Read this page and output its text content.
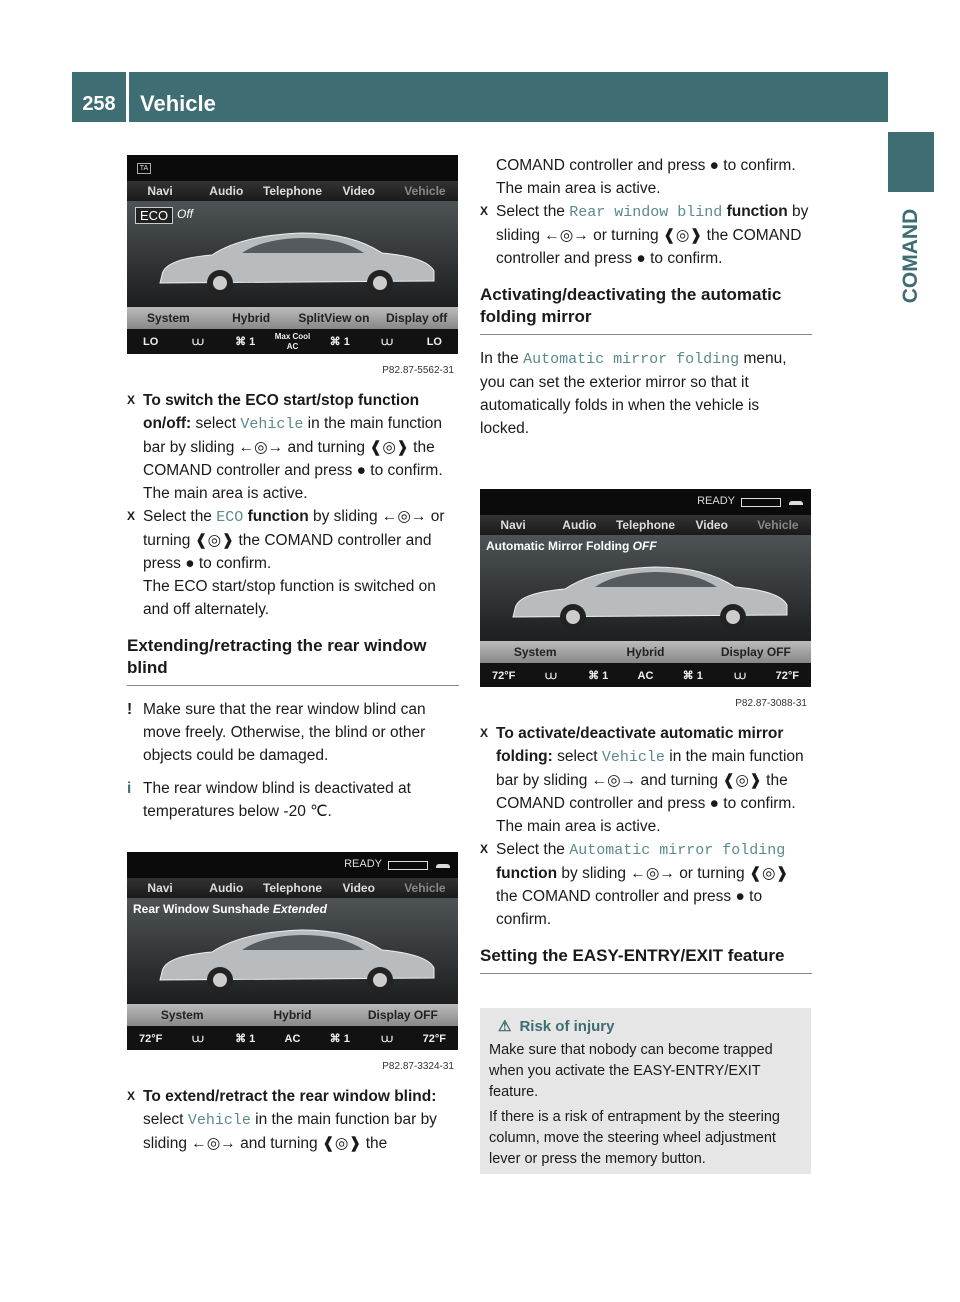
258	Vehicle
COMAND
TA
Navi	Audio	Telephone	Video	Vehicle
ECO Off
System	Hybrid	SplitView on	Display off
LO	⩊	⌘ 1	Max Cool AC	⌘ 1	⩊	LO
P82.87-5562-31

X To switch the ECO start/stop function on/off: select Vehicle in the main function bar by sliding ←◎→ and turning ❰◎❱ the COMAND controller and press ● to confirm.

The main area is active.

X Select the ECO function by sliding ←◎→ or turning ❰◎❱ the COMAND controller and press ● to confirm.

The ECO start/stop function is switched on and off alternately.

Extending/retracting the rear window blind

! Make sure that the rear window blind can move freely. Otherwise, the blind or other objects could be damaged.

i The rear window blind is deactivated at temperatures below -20 ℃.

READY
Navi	Audio	Telephone	Video	Vehicle
Rear Window Sunshade Extended
System	Hybrid	Display OFF
72°F	⩊	⌘ 1	AC	⌘ 1	⩊	72°F
P82.87-3324-31

X To extend/retract the rear window blind: select Vehicle in the main function bar by sliding ←◎→ and turning ❰◎❱ the

COMAND controller and press ● to confirm.

The main area is active.

X Select the Rear window blind function by sliding ←◎→ or turning ❰◎❱ the COMAND controller and press ● to confirm.

Activating/deactivating the automatic folding mirror

In the Automatic mirror folding menu, you can set the exterior mirror so that it automatically folds in when the vehicle is locked.

READY
Navi	Audio	Telephone	Video	Vehicle
Automatic Mirror Folding OFF
System	Hybrid	Display OFF
72°F	⩊	⌘ 1	AC	⌘ 1	⩊	72°F
P82.87-3088-31

X To activate/deactivate automatic mirror folding: select Vehicle in the main function bar by sliding ←◎→ and turning ❰◎❱ the COMAND controller and press ● to confirm.

The main area is active.

X Select the Automatic mirror folding function by sliding ←◎→ or turning ❰◎❱ the COMAND controller and press ● to confirm.

Setting the EASY-ENTRY/EXIT feature
⚠ Risk of injury

Make sure that nobody can become trapped when you activate the EASY-ENTRY/EXIT feature.

If there is a risk of entrapment by the steering column, move the steering wheel adjustment lever or press the memory button.
